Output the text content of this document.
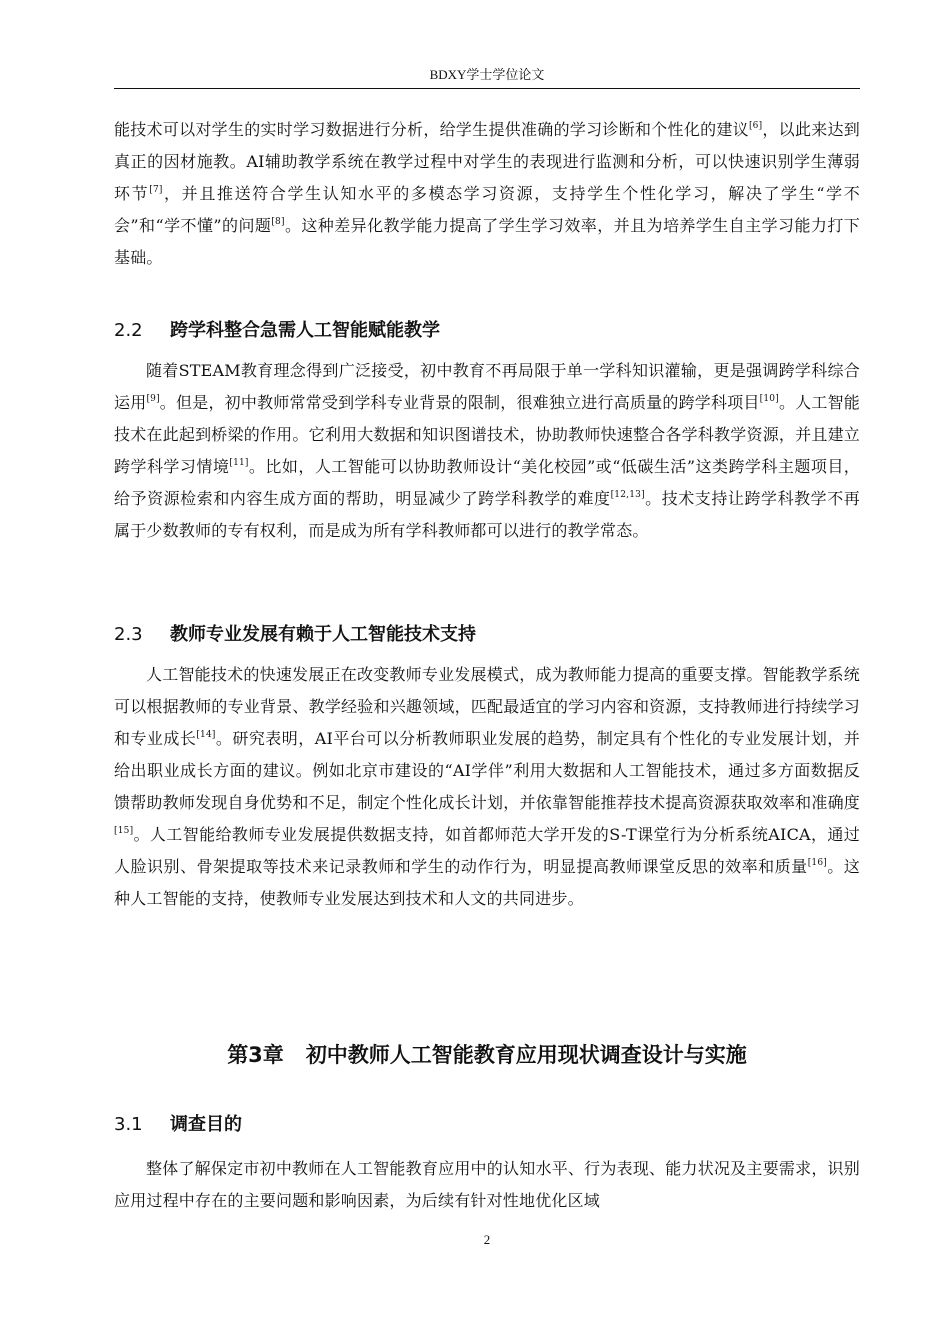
BDXY学士学位论文

能技术可以对学生的实时学习数据进行分析，给学生提供准确的学习诊断和个性化的建议[6]，以此来达到真正的因材施教。AI辅助教学系统在教学过程中对学生的表现进行监测和分析，可以快速识别学生薄弱环节[7]，并且推送符合学生认知水平的多模态学习资源，支持学生个性化学习，解决了学生“学不会”和“学不懂”的问题[8]。这种差异化教学能力提高了学生学习效率，并且为培养学生自主学习能力打下基础。

2.2 跨学科整合急需人工智能赋能教学

随着STEAM教育理念得到广泛接受，初中教育不再局限于单一学科知识灌输，更是强调跨学科综合运用[9]。但是，初中教师常常受到学科专业背景的限制，很难独立进行高质量的跨学科项目[10]。人工智能技术在此起到桥梁的作用。它利用大数据和知识图谱技术，协助教师快速整合各学科教学资源，并且建立跨学科学习情境[11]。比如，人工智能可以协助教师设计“美化校园”或“低碳生活”这类跨学科主题项目，给予资源检索和内容生成方面的帮助，明显减少了跨学科教学的难度[12,13]。技术支持让跨学科教学不再属于少数教师的专有权利，而是成为所有学科教师都可以进行的教学常态。

2.3 教师专业发展有赖于人工智能技术支持

人工智能技术的快速发展正在改变教师专业发展模式，成为教师能力提高的重要支撑。智能教学系统可以根据教师的专业背景、教学经验和兴趣领域，匹配最适宜的学习内容和资源，支持教师进行持续学习和专业成长[14]。研究表明，AI平台可以分析教师职业发展的趋势，制定具有个性化的专业发展计划，并给出职业成长方面的建议。例如北京市建设的“AI学伴”利用大数据和人工智能技术，通过多方面数据反馈帮助教师发现自身优势和不足，制定个性化成长计划，并依靠智能推荐技术提高资源获取效率和准确度[15]。人工智能给教师专业发展提供数据支持，如首都师范大学开发的S-T课堂行为分析系统AICA，通过人脸识别、骨架提取等技术来记录教师和学生的动作行为，明显提高教师课堂反思的效率和质量[16]。这种人工智能的支持，使教师专业发展达到技术和人文的共同进步。

第3章 初中教师人工智能教育应用现状调查设计与实施
3.1 调查目的

整体了解保定市初中教师在人工智能教育应用中的认知水平、行为表现、能力状况及主要需求，识别应用过程中存在的主要问题和影响因素，为后续有针对性地优化区域

2
